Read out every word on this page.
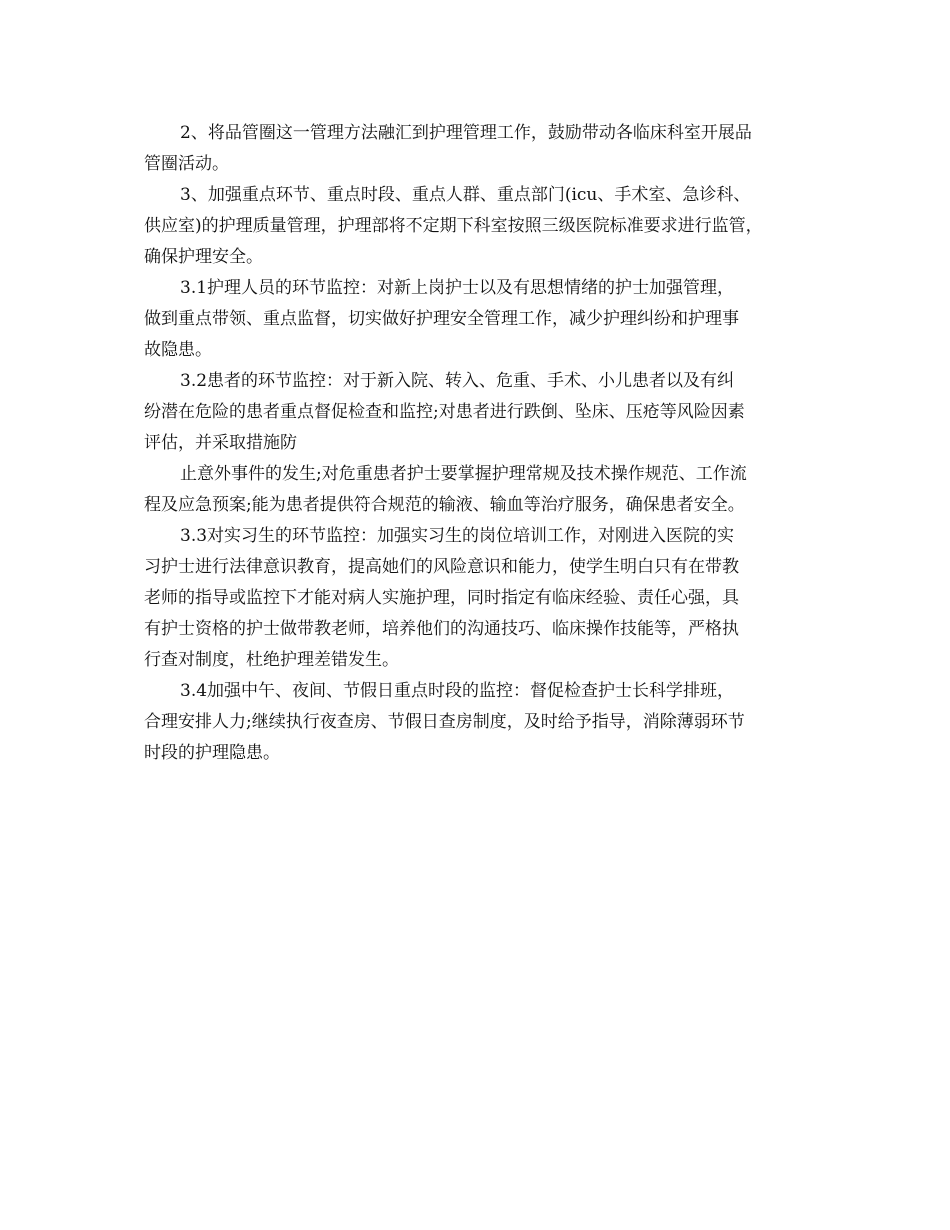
2、将品管圈这一管理方法融汇到护理管理工作，鼓励带动各临床科室开展品

管圈活动。

3、加强重点环节、重点时段、重点人群、重点部门(icu、手术室、急诊科、

供应室)的护理质量管理，护理部将不定期下科室按照三级医院标准要求进行监管，

确保护理安全。

3.1护理人员的环节监控：对新上岗护士以及有思想情绪的护士加强管理，

做到重点带领、重点监督，切实做好护理安全管理工作，减少护理纠纷和护理事

故隐患。

3.2患者的环节监控：对于新入院、转入、危重、手术、小儿患者以及有纠

纷潜在危险的患者重点督促检查和监控;对患者进行跌倒、坠床、压疮等风险因素

评估，并采取措施防

止意外事件的发生;对危重患者护士要掌握护理常规及技术操作规范、工作流

程及应急预案;能为患者提供符合规范的输液、输血等治疗服务，确保患者安全。

3.3对实习生的环节监控：加强实习生的岗位培训工作，对刚进入医院的实

习护士进行法律意识教育，提高她们的风险意识和能力，使学生明白只有在带教

老师的指导或监控下才能对病人实施护理，同时指定有临床经验、责任心强，具

有护士资格的护士做带教老师，培养他们的沟通技巧、临床操作技能等，严格执

行查对制度，杜绝护理差错发生。

3.4加强中午、夜间、节假日重点时段的监控：督促检查护士长科学排班，

合理安排人力;继续执行夜查房、节假日查房制度，及时给予指导，消除薄弱环节

时段的护理隐患。
